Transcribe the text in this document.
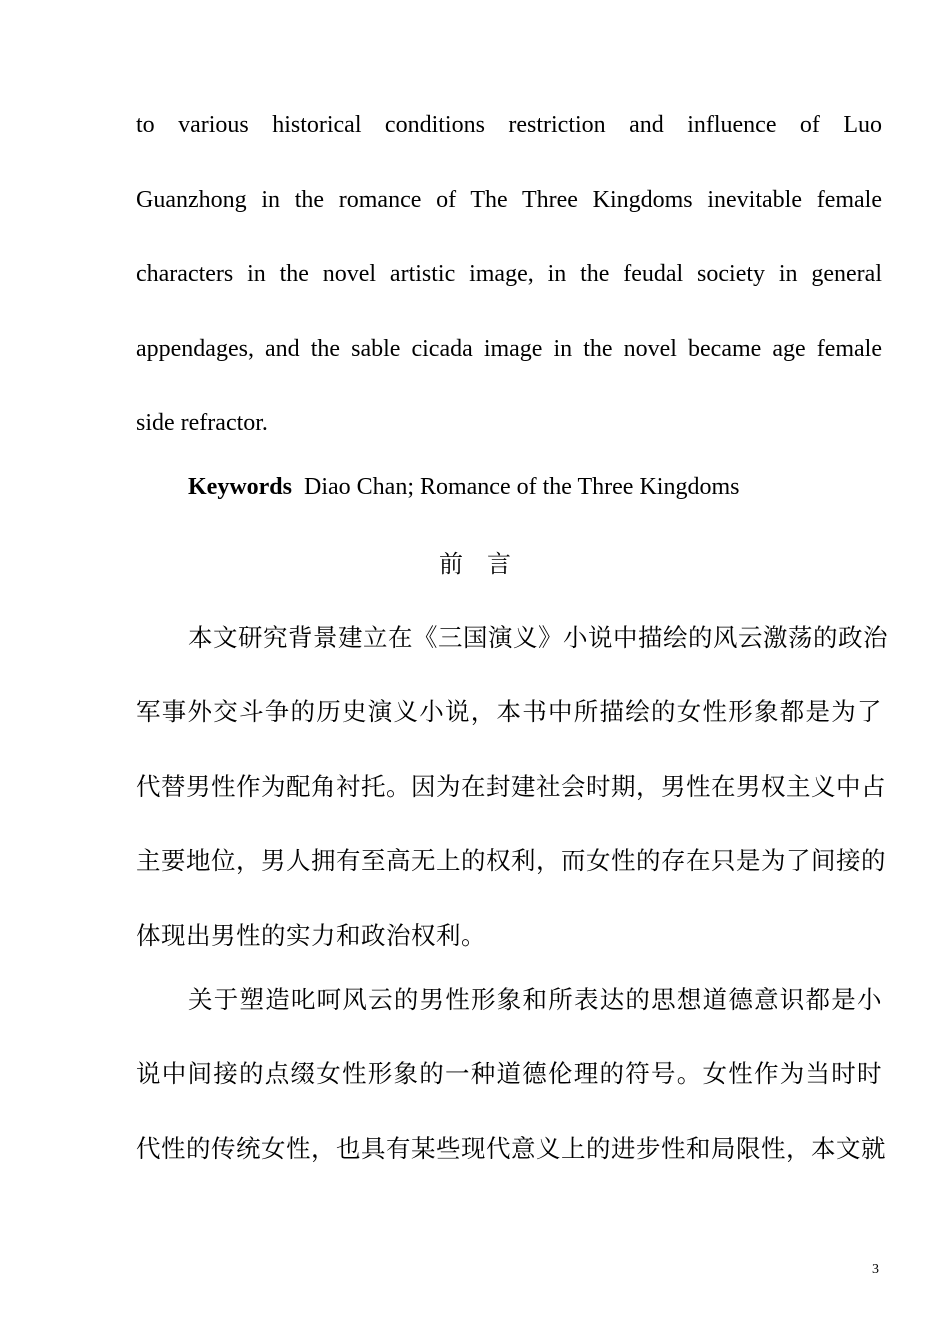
to various historical conditions restriction and influence of Luo
Guanzhong in the romance of The Three Kingdoms inevitable female
characters in the novel artistic image, in the feudal society in general
appendages, and the sable cicada image in the novel became age female
side refractor.
Keywords Diao Chan; Romance of the Three Kingdoms
前言
本文研究背景建立在《三国演义》小说中描绘的风云激荡的政治
军事外交斗争的历史演义小说，本书中所描绘的女性形象都是为了
代替男性作为配角衬托。因为在封建社会时期，男性在男权主义中占
主要地位，男人拥有至高无上的权利，而女性的存在只是为了间接的
体现出男性的实力和政治权利。
关于塑造叱呵风云的男性形象和所表达的思想道德意识都是小
说中间接的点缀女性形象的一种道德伦理的符号。女性作为当时时
代性的传统女性，也具有某些现代意义上的进步性和局限性，本文就
3
